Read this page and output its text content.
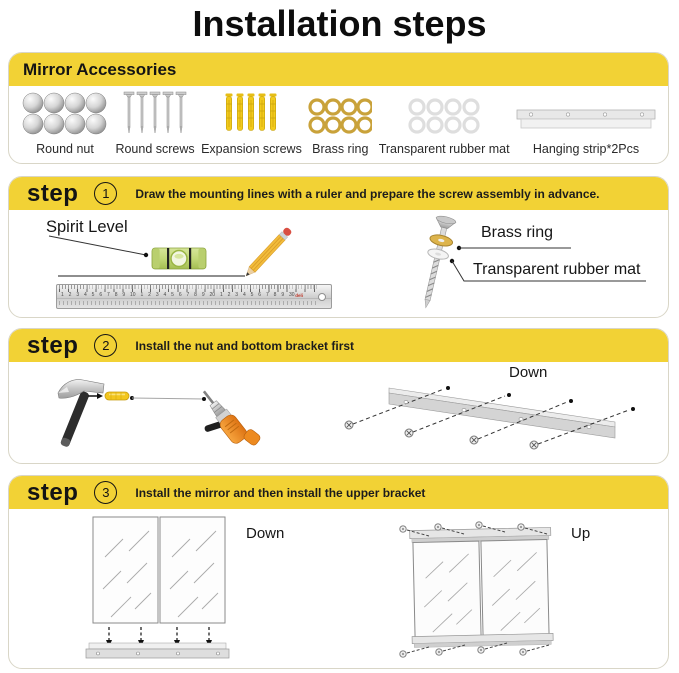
Installation steps
Mirror Accessories
Round nut Round screws Expansion screws Brass ring Transparent rubber mat Hanging strip*2Pcs
step	1	Draw the mounting lines with a ruler and prepare the screw assembly in advance.
1 2 3 4 5 6 7 8 9 10 1 2 3 4 5 6 7 8 9 20 1 2 3 4 5 6 7 8 9 30 deli
Spirit Level	Brass ring
Transparent rubber mat
step	2	Install the nut and bottom bracket first
Down
step	3	Install the mirror and then install the upper bracket
Down	Up
